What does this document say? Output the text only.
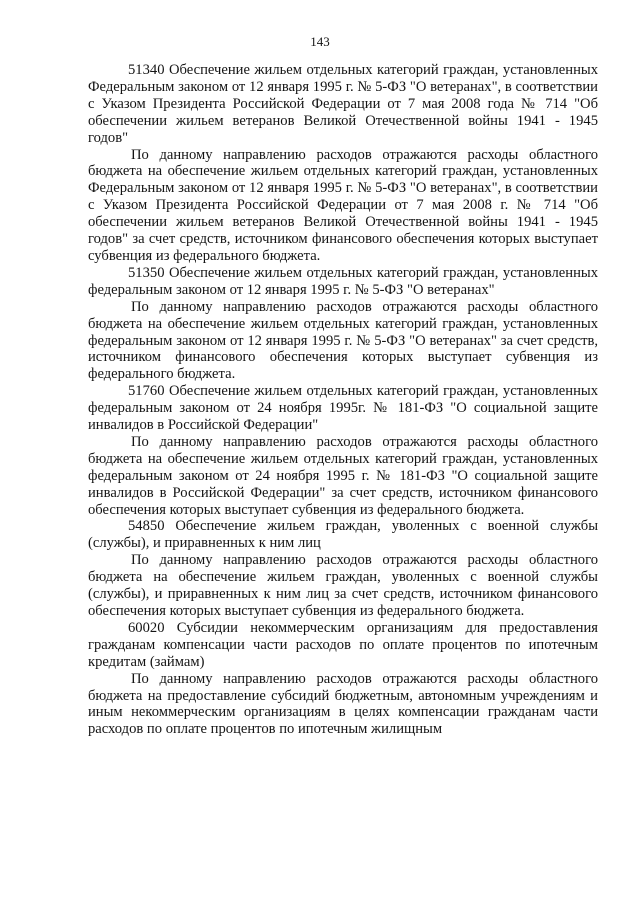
143

51340 Обеспечение жильем отдельных категорий граждан, установленных Федеральным законом от 12 января 1995 г. № 5-ФЗ "О ветеранах", в соответствии с Указом Президента Российской Федерации от 7 мая 2008 года № 714 "Об обеспечении жильем ветеранов Великой Отечественной войны 1941 - 1945 годов"

По данному направлению расходов отражаются расходы областного бюджета на обеспечение жильем отдельных категорий граждан, установленных Федеральным законом от 12 января 1995 г. № 5-ФЗ "О ветеранах", в соответствии с Указом Президента Российской Федерации от 7 мая 2008 г. № 714 "Об обеспечении жильем ветеранов Великой Отечественной войны 1941 - 1945 годов" за счет средств, источником финансового обеспечения которых выступает субвенция из федерального бюджета.

51350 Обеспечение жильем отдельных категорий граждан, установленных федеральным законом от 12 января 1995 г. № 5-ФЗ "О ветеранах"

По данному направлению расходов отражаются расходы областного бюджета на обеспечение жильем отдельных категорий граждан, установленных федеральным законом от 12 января 1995 г. № 5-ФЗ "О ветеранах" за счет средств, источником финансового обеспечения которых выступает субвенция из федерального бюджета.

51760 Обеспечение жильем отдельных категорий граждан, установленных федеральным законом от 24 ноября 1995г. № 181-ФЗ "О социальной защите инвалидов в Российской Федерации"

По данному направлению расходов отражаются расходы областного бюджета на обеспечение жильем отдельных категорий граждан, установленных федеральным законом от 24 ноября 1995 г. № 181-ФЗ "О социальной защите инвалидов в Российской Федерации" за счет средств, источником финансового обеспечения которых выступает субвенция из федерального бюджета.

54850 Обеспечение жильем граждан, уволенных с военной службы (службы), и приравненных к ним лиц

По данному направлению расходов отражаются расходы областного бюджета на обеспечение жильем граждан, уволенных с военной службы (службы), и приравненных к ним лиц за счет средств, источником финансового обеспечения которых выступает субвенция из федерального бюджета.

60020 Субсидии некоммерческим организациям для предоставления гражданам компенсации части расходов по оплате процентов по ипотечным кредитам (займам)

По данному направлению расходов отражаются расходы областного бюджета на предоставление субсидий бюджетным, автономным учреждениям и иным некоммерческим организациям в целях компенсации гражданам части расходов по оплате процентов по ипотечным жилищным
